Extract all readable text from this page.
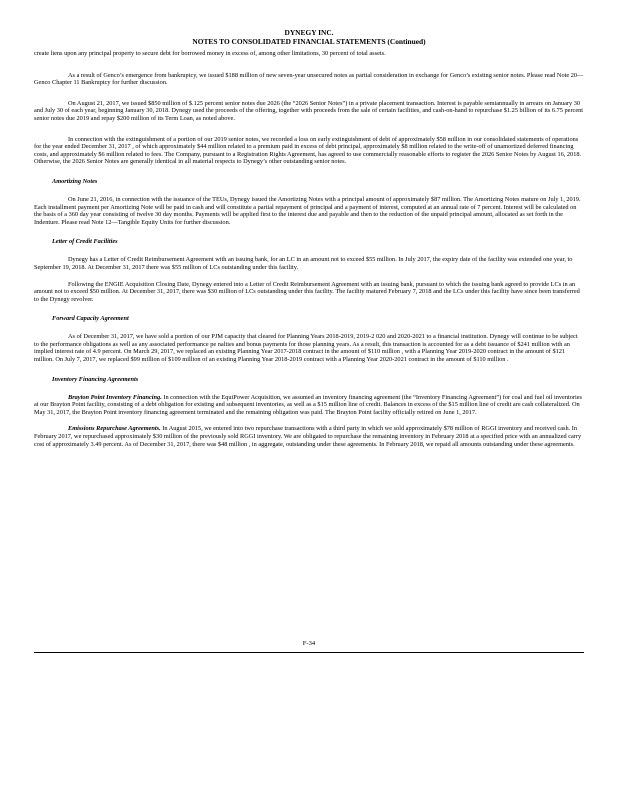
DYNEGY INC.
NOTES TO CONSOLIDATED FINANCIAL STATEMENTS (Continued)

create liens upon any principal property to secure debt for borrowed money in excess of, among other limitations, 30 percent of total assets.

As a result of Genco’s emergence from bankruptcy, we issued $188 million of new seven-year unsecured notes as partial consideration in exchange for Genco’s existing senior notes. Please read Note 20—Genco Chapter 11 Bankruptcy for further discussion.

On August 21, 2017, we issued $850 million of $.125 percent senior notes due 2026 (the “2026 Senior Notes”) in a private placement transaction. Interest is payable semiannually in arrears on January 30 and July 30 of each year, beginning January 30, 2018. Dynegy used the proceeds of the offering, together with proceeds from the sale of certain facilities, and cash-on-hand to repurchase $1.25 billion of its 6.75 percent senior notes due 2019 and repay $200 million of its Term Loan, as noted above.

In connection with the extinguishment of a portion of our 2019 senior notes, we recorded a loss on early extinguishment of debt of approximately $58 million in our consolidated statements of operations for the year ended December 31, 2017 , of which approximately $44 million related to a premium paid in excess of debt principal, approximately $8 million related to the write-off of unamortized deferred financing costs, and approximately $6 million related to fees. The Company, pursuant to a Registration Rights Agreement, has agreed to use commercially reasonable efforts to register the 2026 Senior Notes by August 16, 2018. Otherwise, the 2026 Senior Notes are generally identical in all material respects to Dynegy’s other outstanding senior notes.

Amortizing Notes

On June 21, 2016, in connection with the issuance of the TEUs, Dynegy issued the Amortizing Notes with a principal amount of approximately $87 million. The Amortizing Notes mature on July 1, 2019. Each installment payment per Amortizing Note will be paid in cash and will constitute a partial repayment of principal and a payment of interest, computed at an annual rate of 7 percent. Interest will be calculated on the basis of a 360 day year consisting of twelve 30 day months. Payments will be applied first to the interest due and payable and then to the reduction of the unpaid principal amount, allocated as set forth in the Indenture. Please read Note 12—Tangible Equity Units for further discussion.

Letter of Credit Facilities

Dynegy has a Letter of Credit Reimbursement Agreement with an issuing bank, for an LC in an amount not to exceed $55 million. In July 2017, the expiry date of the facility was extended one year, to September 19, 2018. At December 31, 2017 there was $55 million of LCs outstanding under this facility.

Following the ENGIE Acquisition Closing Date, Dynegy entered into a Letter of Credit Reimbursement Agreement with an issuing bank, pursuant to which the issuing bank agreed to provide LCs in an amount not to exceed $50 million. At December 31, 2017, there was $30 million of LCs outstanding under this facility. The facility matured February 7, 2018 and the LCs under this facility have since been transferred to the Dynegy revolver.

Forward Capacity Agreement

As of December 31, 2017, we have sold a portion of our PJM capacity that cleared for Planning Years 2018-2019, 2019-2 020 and 2020-2021 to a financial institution. Dynegy will continue to be subject to the performance obligations as well as any associated performance pe nalties and bonus payments for those planning years. As a result, this transaction is accounted for as a debt issuance of $241 million with an implied interest rate of 4.9 percent. On March 29, 2017, we replaced an existing Planning Year 2017-2018 contract in the amount of $110 million , with a Planning Year 2019-2020 contract in the amount of $121 million. On July 7, 2017, we replaced $99 million of $109 million of an existing Planning Year 2018-2019 contract with a Planning Year 2020-2021 contract in the amount of $110 million .

Inventory Financing Agreements

Brayton Point Inventory Financing. In connection with the EquiPower Acquisition, we assumed an inventory financing agreement (the “Inventory Financing Agreement”) for coal and fuel oil inventories at our Brayton Point facility, consisting of a debt obligation for existing and subsequent inventories, as well as a $15 million line of credit. Balances in excess of the $15 million line of credit are cash collateralized. On May 31, 2017, the Brayton Point inventory financing agreement terminated and the remaining obligation was paid. The Brayton Point facility officially retired on June 1, 2017.

Emissions Repurchase Agreements. In August 2015, we entered into two repurchase transactions with a third party in which we sold approximately $78 million of RGGI inventory and received cash. In February 2017, we repurchased approximately $30 million of the previously sold RGGI inventory. We are obligated to repurchase the remaining inventory in February 2018 at a specified price with an annualized carry cost of approximately 3.49 percent. As of December 31, 2017, there was $48 million , in aggregate, outstanding under these agreements. In February 2018, we repaid all amounts outstanding under these agreements.

F-34
